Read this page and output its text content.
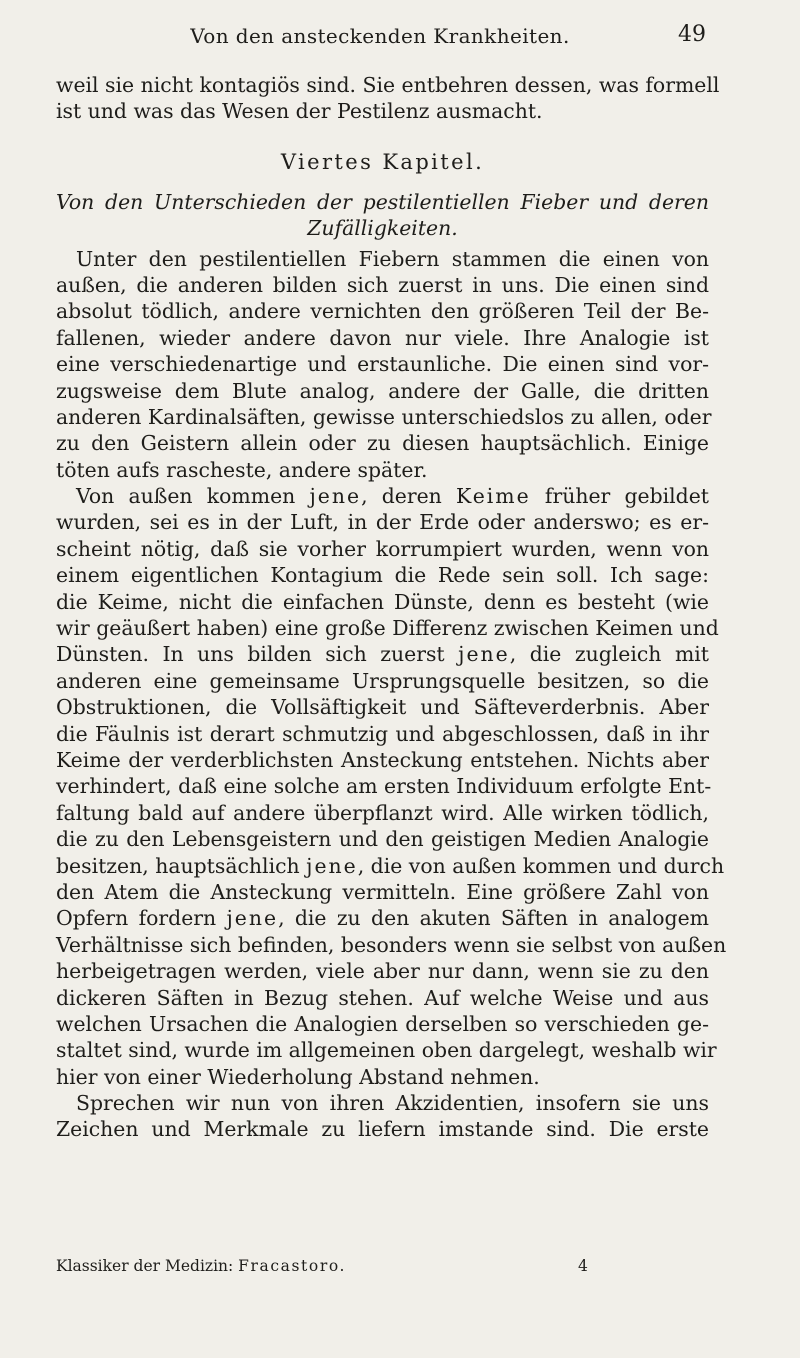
Von den ansteckenden Krankheiten.	49
weil sie nicht kontagiös sind. Sie entbehren dessen, was formell
ist und was das Wesen der Pestilenz ausmacht.
Viertes Kapitel.
Von den Unterschieden der pestilentiellen Fieber und deren
Zufälligkeiten.
Unter den pestilentiellen Fiebern stammen die einen von
außen, die anderen bilden sich zuerst in uns. Die einen sind
absolut tödlich, andere vernichten den größeren Teil der Be-
fallenen, wieder andere davon nur viele. Ihre Analogie ist
eine verschiedenartige und erstaunliche. Die einen sind vor-
zugsweise dem Blute analog, andere der Galle, die dritten
anderen Kardinalsäften, gewisse unterschiedslos zu allen, oder
zu den Geistern allein oder zu diesen hauptsächlich. Einige
töten aufs rascheste, andere später.
Von außen kommen jene, deren Keime früher gebildet
wurden, sei es in der Luft, in der Erde oder anderswo; es er-
scheint nötig, daß sie vorher korrumpiert wurden, wenn von
einem eigentlichen Kontagium die Rede sein soll. Ich sage:
die Keime, nicht die einfachen Dünste, denn es besteht (wie
wir geäußert haben) eine große Differenz zwischen Keimen und
Dünsten. In uns bilden sich zuerst jene, die zugleich mit
anderen eine gemeinsame Ursprungsquelle besitzen, so die
Obstruktionen, die Vollsäftigkeit und Säfteverderbnis. Aber
die Fäulnis ist derart schmutzig und abgeschlossen, daß in ihr
Keime der verderblichsten Ansteckung entstehen. Nichts aber
verhindert, daß eine solche am ersten Individuum erfolgte Ent-
faltung bald auf andere überpflanzt wird. Alle wirken tödlich,
die zu den Lebensgeistern und den geistigen Medien Analogie
besitzen, hauptsächlich jene, die von außen kommen und durch
den Atem die Ansteckung vermitteln. Eine größere Zahl von
Opfern fordern jene, die zu den akuten Säften in analogem
Verhältnisse sich befinden, besonders wenn sie selbst von außen
herbeigetragen werden, viele aber nur dann, wenn sie zu den
dickeren Säften in Bezug stehen. Auf welche Weise und aus
welchen Ursachen die Analogien derselben so verschieden ge-
staltet sind, wurde im allgemeinen oben dargelegt, weshalb wir
hier von einer Wiederholung Abstand nehmen.
Sprechen wir nun von ihren Akzidentien, insofern sie uns
Zeichen und Merkmale zu liefern imstande sind. Die erste
Klassiker der Medizin: Fracastoro.	4
